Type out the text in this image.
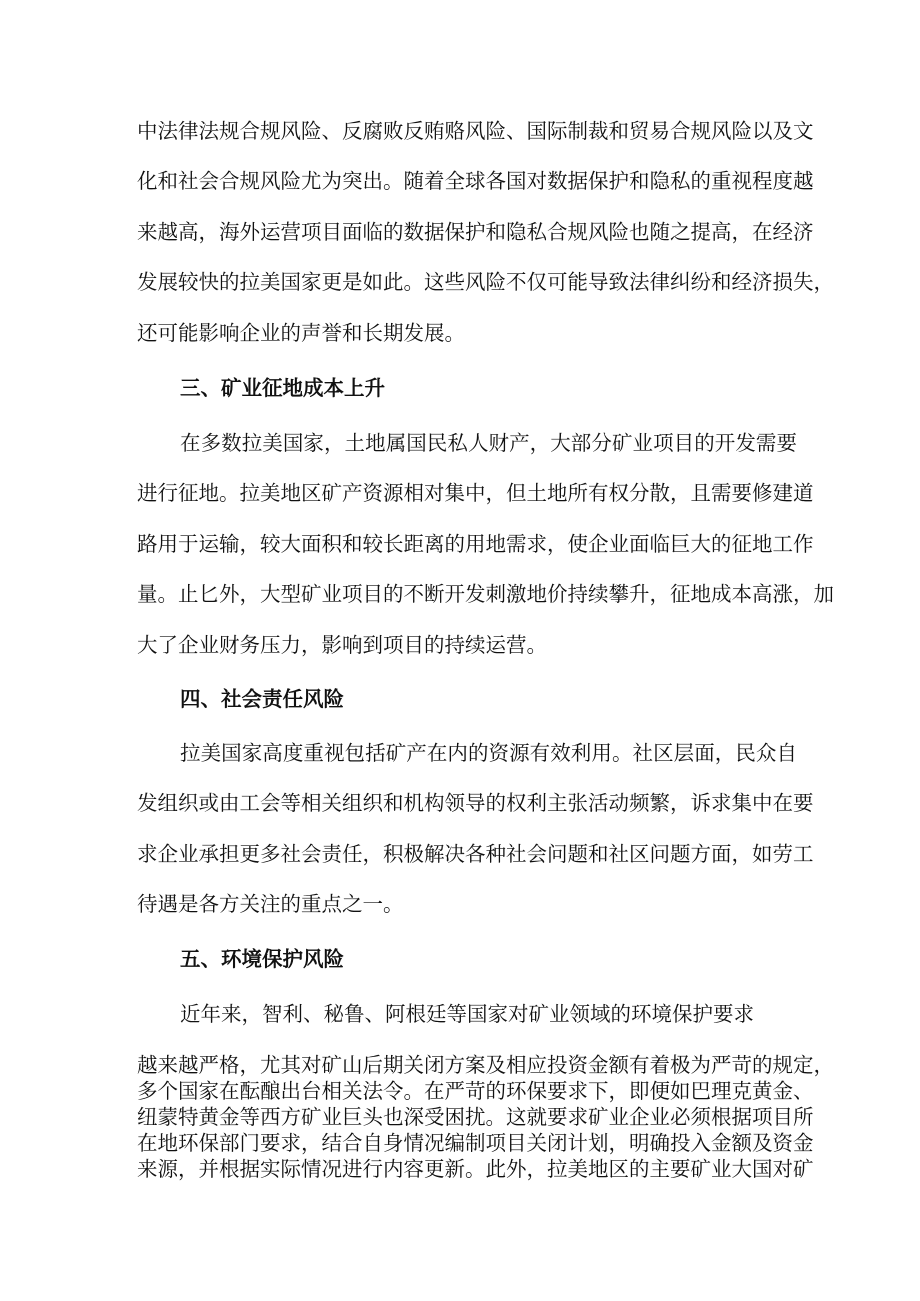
中法律法规合规风险、反腐败反贿赂风险、国际制裁和贸易合规风险以及文
化和社会合规风险尤为突出。随着全球各国对数据保护和隐私的重视程度越
来越高，海外运营项目面临的数据保护和隐私合规风险也随之提高，在经济
发展较快的拉美国家更是如此。这些风险不仅可能导致法律纠纷和经济损失，
还可能影响企业的声誉和长期发展。
三、矿业征地成本上升
在多数拉美国家，土地属国民私人财产，大部分矿业项目的开发需要
进行征地。拉美地区矿产资源相对集中，但土地所有权分散，且需要修建道
路用于运输，较大面积和较长距离的用地需求，使企业面临巨大的征地工作
量。止匕外，大型矿业项目的不断开发刺激地价持续攀升，征地成本高涨，加
大了企业财务压力，影响到项目的持续运营。
四、社会责任风险
拉美国家高度重视包括矿产在内的资源有效利用。社区层面，民众自
发组织或由工会等相关组织和机构领导的权利主张活动频繁，诉求集中在要
求企业承担更多社会责任，积极解决各种社会问题和社区问题方面，如劳工
待遇是各方关注的重点之一。
五、环境保护风险
近年来，智利、秘鲁、阿根廷等国家对矿业领域的环境保护要求
越来越严格，尤其对矿山后期关闭方案及相应投资金额有着极为严苛的规定，
多个国家在酝酿出台相关法令。在严苛的环保要求下，即便如巴理克黄金、
纽蒙特黄金等西方矿业巨头也深受困扰。这就要求矿业企业必须根据项目所
在地环保部门要求，结合自身情况编制项目关闭计划，明确投入金额及资金
来源，并根据实际情况进行内容更新。此外，拉美地区的主要矿业大国对矿
